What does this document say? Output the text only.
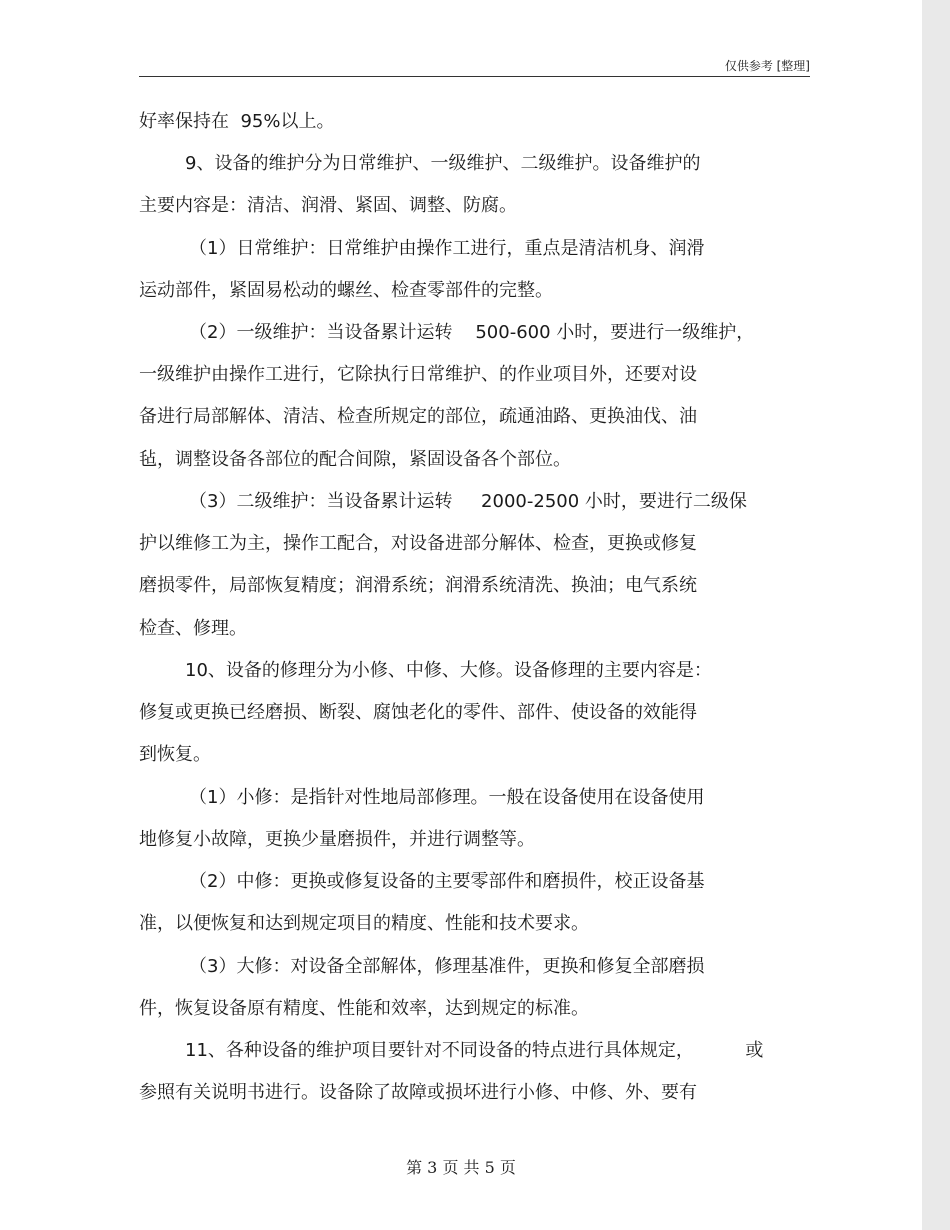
仅供参考 [整理]
好率保持在  95%以上。
9、设备的维护分为日常维护、一级维护、二级维护。设备维护的
主要内容是：清洁、润滑、紧固、调整、防腐。
（1）日常维护：日常维护由操作工进行，重点是清洁机身、润滑
运动部件，紧固易松动的螺丝、检查零部件的完整。
（2）一级维护：当设备累计运转    500-600 小时，要进行一级维护，
一级维护由操作工进行，它除执行日常维护、的作业项目外，还要对设
备进行局部解体、清洁、检查所规定的部位，疏通油路、更换油伐、油
毡，调整设备各部位的配合间隙，紧固设备各个部位。
（3）二级维护：当设备累计运转     2000-2500 小时，要进行二级保
护以维修工为主，操作工配合，对设备进部分解体、检查，更换或修复
磨损零件，局部恢复精度；润滑系统；润滑系统清洗、换油；电气系统
检查、修理。
10、设备的修理分为小修、中修、大修。设备修理的主要内容是：
修复或更换已经磨损、断裂、腐蚀老化的零件、部件、使设备的效能得
到恢复。
（1）小修：是指针对性地局部修理。一般在设备使用在设备使用
地修复小故障，更换少量磨损件，并进行调整等。
（2）中修：更换或修复设备的主要零部件和磨损件，校正设备基
准，以便恢复和达到规定项目的精度、性能和技术要求。
（3）大修：对设备全部解体，修理基准件，更换和修复全部磨损
件，恢复设备原有精度、性能和效率，达到规定的标准。
11、各种设备的维护项目要针对不同设备的特点进行具体规定，         或
参照有关说明书进行。设备除了故障或损坏进行小修、中修、外、要有
第 3 页 共 5 页
